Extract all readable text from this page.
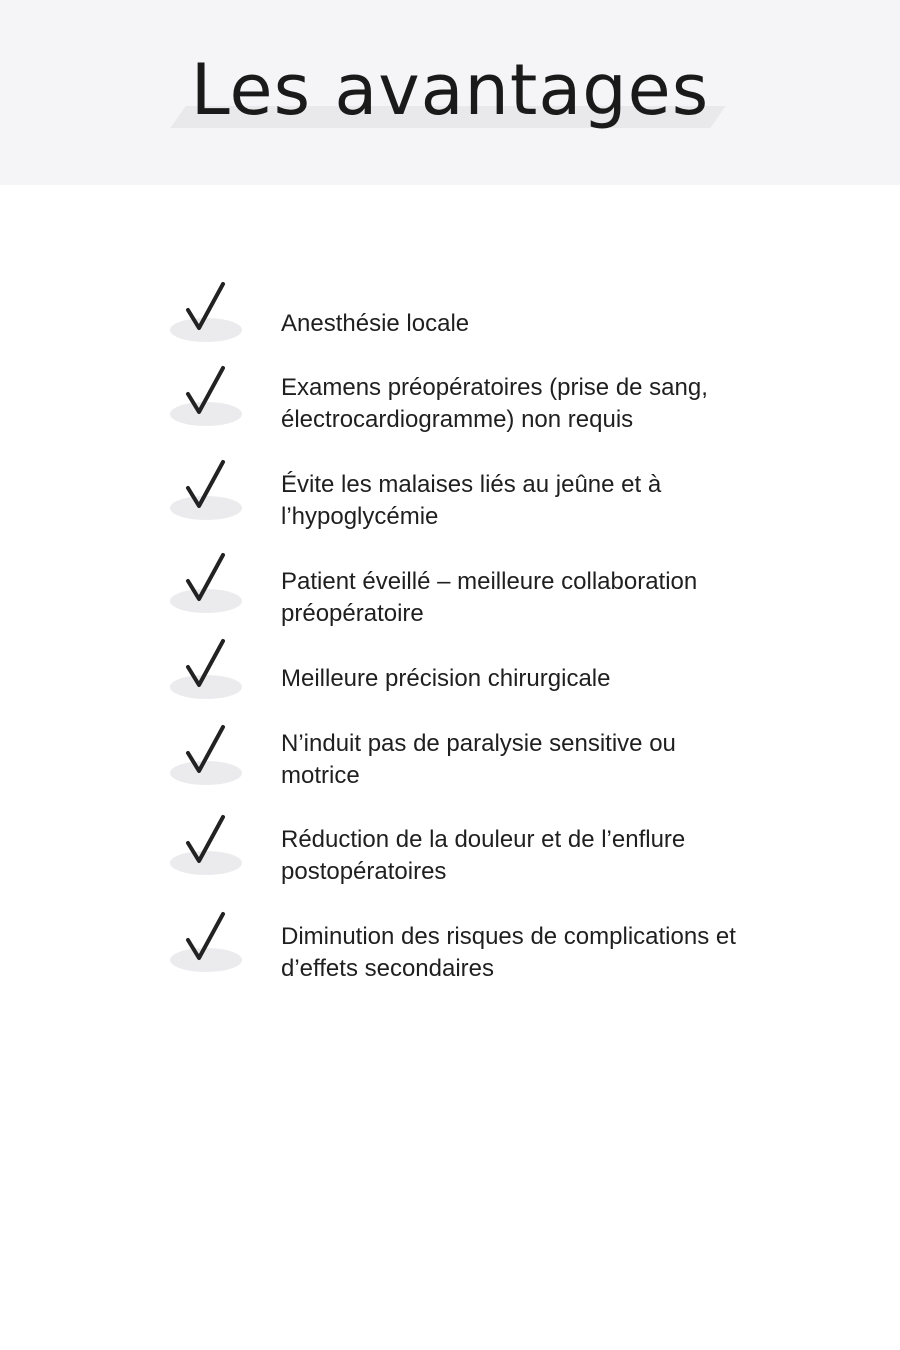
Les avantages
Anesthésie locale
Examens préopératoires (prise de sang, électrocardiogramme) non requis
Évite les malaises liés au jeûne et à l’hypoglycémie
Patient éveillé – meilleure collaboration préopératoire
Meilleure précision chirurgicale
N’induit pas de paralysie sensitive ou motrice
Réduction de la douleur et de l’enflure postopératoires
Diminution des risques de complications et d’effets secondaires
